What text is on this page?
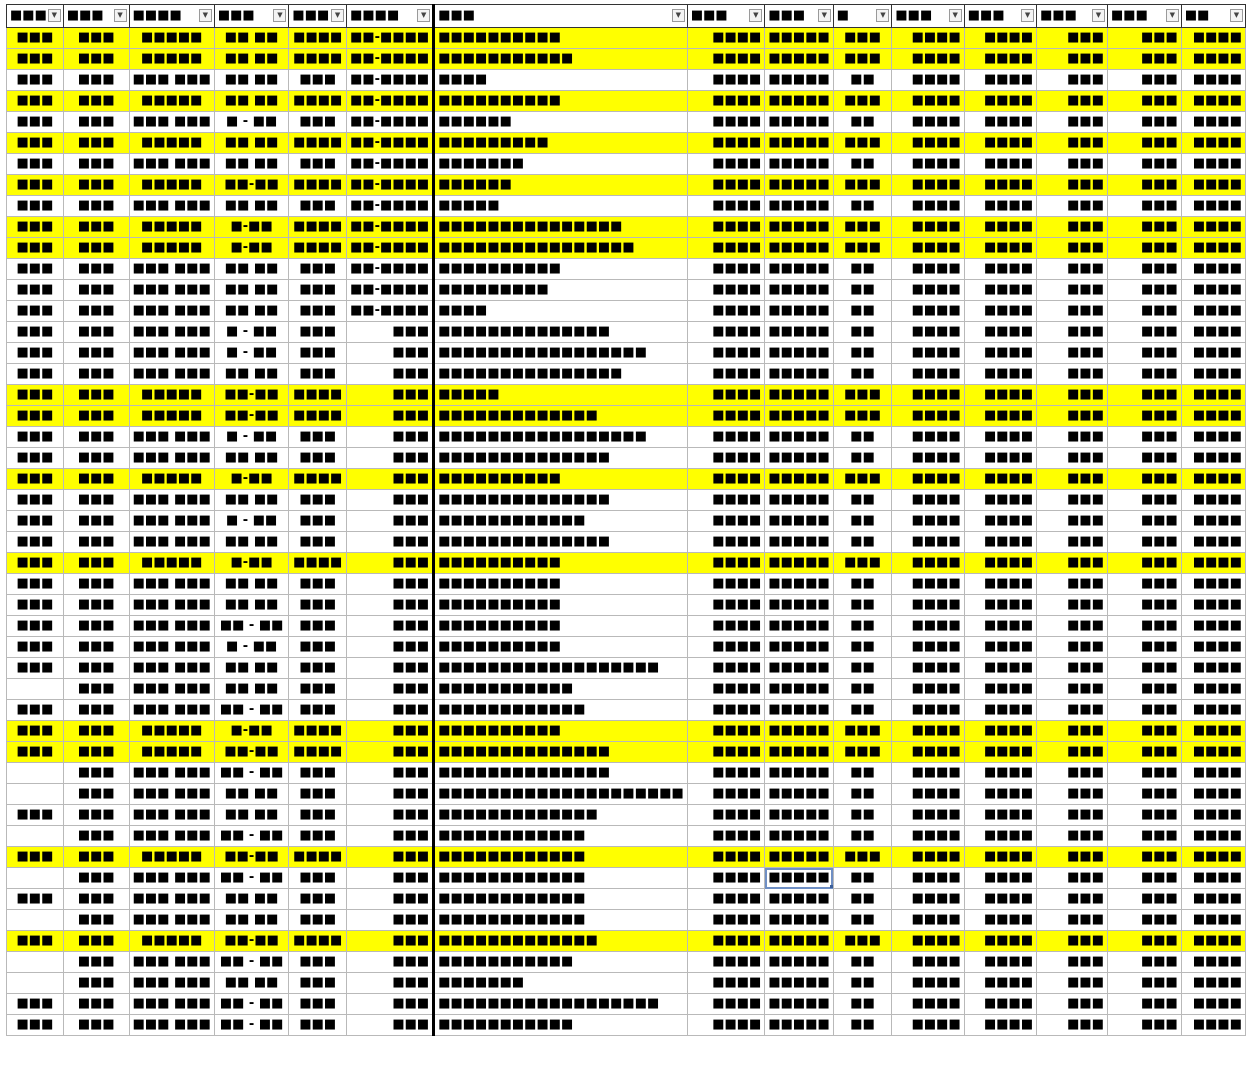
■■■ ▼	■■■ ▼	■■■■ ▼	■■■ ▼	■■■ ▼	■■■■ ▼	■■■ ▼	■■■ ▼	■■■ ▼	■ ▼	■■■ ▼	■■■ ▼	■■■ ▼	■■■ ▼	■■ ▼

■■■	■■■	■■■■■	■■ ■■	■■■■	■■-■■■■	■■■■■■■■■■	■■■■	■■■■■	■■■	■■■■	■■■■	■■■	■■■	■■■■

■■■	■■■	■■■■■	■■ ■■	■■■■	■■-■■■■	■■■■■■■■■■■	■■■■	■■■■■	■■■	■■■■	■■■■	■■■	■■■	■■■■

■■■	■■■	■■■ ■■■	■■ ■■	■■■	■■-■■■■	■■■■	■■■■	■■■■■	■■	■■■■	■■■■	■■■	■■■	■■■■

■■■	■■■	■■■■■	■■ ■■	■■■■	■■-■■■■	■■■■■■■■■■	■■■■	■■■■■	■■■	■■■■	■■■■	■■■	■■■	■■■■

■■■	■■■	■■■ ■■■	■ - ■■	■■■	■■-■■■■	■■■■■■	■■■■	■■■■■	■■	■■■■	■■■■	■■■	■■■	■■■■

■■■	■■■	■■■■■	■■ ■■	■■■■	■■-■■■■	■■■■■■■■■	■■■■	■■■■■	■■■	■■■■	■■■■	■■■	■■■	■■■■

■■■	■■■	■■■ ■■■	■■ ■■	■■■	■■-■■■■	■■■■■■■	■■■■	■■■■■	■■	■■■■	■■■■	■■■	■■■	■■■■

■■■	■■■	■■■■■	■■-■■	■■■■	■■-■■■■	■■■■■■	■■■■	■■■■■	■■■	■■■■	■■■■	■■■	■■■	■■■■

■■■	■■■	■■■ ■■■	■■ ■■	■■■	■■-■■■■	■■■■■	■■■■	■■■■■	■■	■■■■	■■■■	■■■	■■■	■■■■

■■■	■■■	■■■■■	■-■■	■■■■	■■-■■■■	■■■■■■■■■■■■■■■	■■■■	■■■■■	■■■	■■■■	■■■■	■■■	■■■	■■■■

■■■	■■■	■■■■■	■-■■	■■■■	■■-■■■■	■■■■■■■■■■■■■■■■	■■■■	■■■■■	■■■	■■■■	■■■■	■■■	■■■	■■■■

■■■	■■■	■■■ ■■■	■■ ■■	■■■	■■-■■■■	■■■■■■■■■■	■■■■	■■■■■	■■	■■■■	■■■■	■■■	■■■	■■■■

■■■	■■■	■■■ ■■■	■■ ■■	■■■	■■-■■■■	■■■■■■■■■	■■■■	■■■■■	■■	■■■■	■■■■	■■■	■■■	■■■■

■■■	■■■	■■■ ■■■	■■ ■■	■■■	■■-■■■■	■■■■	■■■■	■■■■■	■■	■■■■	■■■■	■■■	■■■	■■■■

■■■	■■■	■■■ ■■■	■ - ■■	■■■	■■■	■■■■■■■■■■■■■■	■■■■	■■■■■	■■	■■■■	■■■■	■■■	■■■	■■■■

■■■	■■■	■■■ ■■■	■ - ■■	■■■	■■■	■■■■■■■■■■■■■■■■■	■■■■	■■■■■	■■	■■■■	■■■■	■■■	■■■	■■■■

■■■	■■■	■■■ ■■■	■■ ■■	■■■	■■■	■■■■■■■■■■■■■■■	■■■■	■■■■■	■■	■■■■	■■■■	■■■	■■■	■■■■

■■■	■■■	■■■■■	■■-■■	■■■■	■■■	■■■■■	■■■■	■■■■■	■■■	■■■■	■■■■	■■■	■■■	■■■■

■■■	■■■	■■■■■	■■-■■	■■■■	■■■	■■■■■■■■■■■■■	■■■■	■■■■■	■■■	■■■■	■■■■	■■■	■■■	■■■■

■■■	■■■	■■■ ■■■	■ - ■■	■■■	■■■	■■■■■■■■■■■■■■■■■	■■■■	■■■■■	■■	■■■■	■■■■	■■■	■■■	■■■■

■■■	■■■	■■■ ■■■	■■ ■■	■■■	■■■	■■■■■■■■■■■■■■	■■■■	■■■■■	■■	■■■■	■■■■	■■■	■■■	■■■■

■■■	■■■	■■■■■	■-■■	■■■■	■■■	■■■■■■■■■■	■■■■	■■■■■	■■■	■■■■	■■■■	■■■	■■■	■■■■

■■■	■■■	■■■ ■■■	■■ ■■	■■■	■■■	■■■■■■■■■■■■■■	■■■■	■■■■■	■■	■■■■	■■■■	■■■	■■■	■■■■

■■■	■■■	■■■ ■■■	■ - ■■	■■■	■■■	■■■■■■■■■■■■	■■■■	■■■■■	■■	■■■■	■■■■	■■■	■■■	■■■■

■■■	■■■	■■■ ■■■	■■ ■■	■■■	■■■	■■■■■■■■■■■■■■	■■■■	■■■■■	■■	■■■■	■■■■	■■■	■■■	■■■■

■■■	■■■	■■■■■	■-■■	■■■■	■■■	■■■■■■■■■■	■■■■	■■■■■	■■■	■■■■	■■■■	■■■	■■■	■■■■

■■■	■■■	■■■ ■■■	■■ ■■	■■■	■■■	■■■■■■■■■■	■■■■	■■■■■	■■	■■■■	■■■■	■■■	■■■	■■■■

■■■	■■■	■■■ ■■■	■■ ■■	■■■	■■■	■■■■■■■■■■	■■■■	■■■■■	■■	■■■■	■■■■	■■■	■■■	■■■■

■■■	■■■	■■■ ■■■	■■ - ■■	■■■	■■■	■■■■■■■■■■	■■■■	■■■■■	■■	■■■■	■■■■	■■■	■■■	■■■■

■■■	■■■	■■■ ■■■	■ - ■■	■■■	■■■	■■■■■■■■■■	■■■■	■■■■■	■■	■■■■	■■■■	■■■	■■■	■■■■

■■■	■■■	■■■ ■■■	■■ ■■	■■■	■■■	■■■■■■■■■■■■■■■■■■	■■■■	■■■■■	■■	■■■■	■■■■	■■■	■■■	■■■■

	■■■	■■■ ■■■	■■ ■■	■■■	■■■	■■■■■■■■■■■	■■■■	■■■■■	■■	■■■■	■■■■	■■■	■■■	■■■■

■■■	■■■	■■■ ■■■	■■ - ■■	■■■	■■■	■■■■■■■■■■■■	■■■■	■■■■■	■■	■■■■	■■■■	■■■	■■■	■■■■

■■■	■■■	■■■■■	■-■■	■■■■	■■■	■■■■■■■■■■	■■■■	■■■■■	■■■	■■■■	■■■■	■■■	■■■	■■■■

■■■	■■■	■■■■■	■■-■■	■■■■	■■■	■■■■■■■■■■■■■■	■■■■	■■■■■	■■■	■■■■	■■■■	■■■	■■■	■■■■

	■■■	■■■ ■■■	■■ - ■■	■■■	■■■	■■■■■■■■■■■■■■	■■■■	■■■■■	■■	■■■■	■■■■	■■■	■■■	■■■■

	■■■	■■■ ■■■	■■ ■■	■■■	■■■	■■■■■■■■■■■■■■■■■■■■	■■■■	■■■■■	■■	■■■■	■■■■	■■■	■■■	■■■■

■■■	■■■	■■■ ■■■	■■ ■■	■■■	■■■	■■■■■■■■■■■■■	■■■■	■■■■■	■■	■■■■	■■■■	■■■	■■■	■■■■

	■■■	■■■ ■■■	■■ - ■■	■■■	■■■	■■■■■■■■■■■■	■■■■	■■■■■	■■	■■■■	■■■■	■■■	■■■	■■■■

■■■	■■■	■■■■■	■■-■■	■■■■	■■■	■■■■■■■■■■■■	■■■■	■■■■■	■■■	■■■■	■■■■	■■■	■■■	■■■■

	■■■	■■■ ■■■	■■ - ■■	■■■	■■■	■■■■■■■■■■■■	■■■■	■■■■■	■■	■■■■	■■■■	■■■	■■■	■■■■

■■■	■■■	■■■ ■■■	■■ ■■	■■■	■■■	■■■■■■■■■■■■	■■■■	■■■■■	■■	■■■■	■■■■	■■■	■■■	■■■■

	■■■	■■■ ■■■	■■ ■■	■■■	■■■	■■■■■■■■■■■■	■■■■	■■■■■	■■	■■■■	■■■■	■■■	■■■	■■■■

■■■	■■■	■■■■■	■■-■■	■■■■	■■■	■■■■■■■■■■■■■	■■■■	■■■■■	■■■	■■■■	■■■■	■■■	■■■	■■■■

	■■■	■■■ ■■■	■■ - ■■	■■■	■■■	■■■■■■■■■■■	■■■■	■■■■■	■■	■■■■	■■■■	■■■	■■■	■■■■

	■■■	■■■ ■■■	■■ ■■	■■■	■■■	■■■■■■■	■■■■	■■■■■	■■	■■■■	■■■■	■■■	■■■	■■■■

■■■	■■■	■■■ ■■■	■■ - ■■	■■■	■■■	■■■■■■■■■■■■■■■■■■	■■■■	■■■■■	■■	■■■■	■■■■	■■■	■■■	■■■■

■■■	■■■	■■■ ■■■	■■ - ■■	■■■	■■■	■■■■■■■■■■■	■■■■	■■■■■	■■	■■■■	■■■■	■■■	■■■	■■■■
